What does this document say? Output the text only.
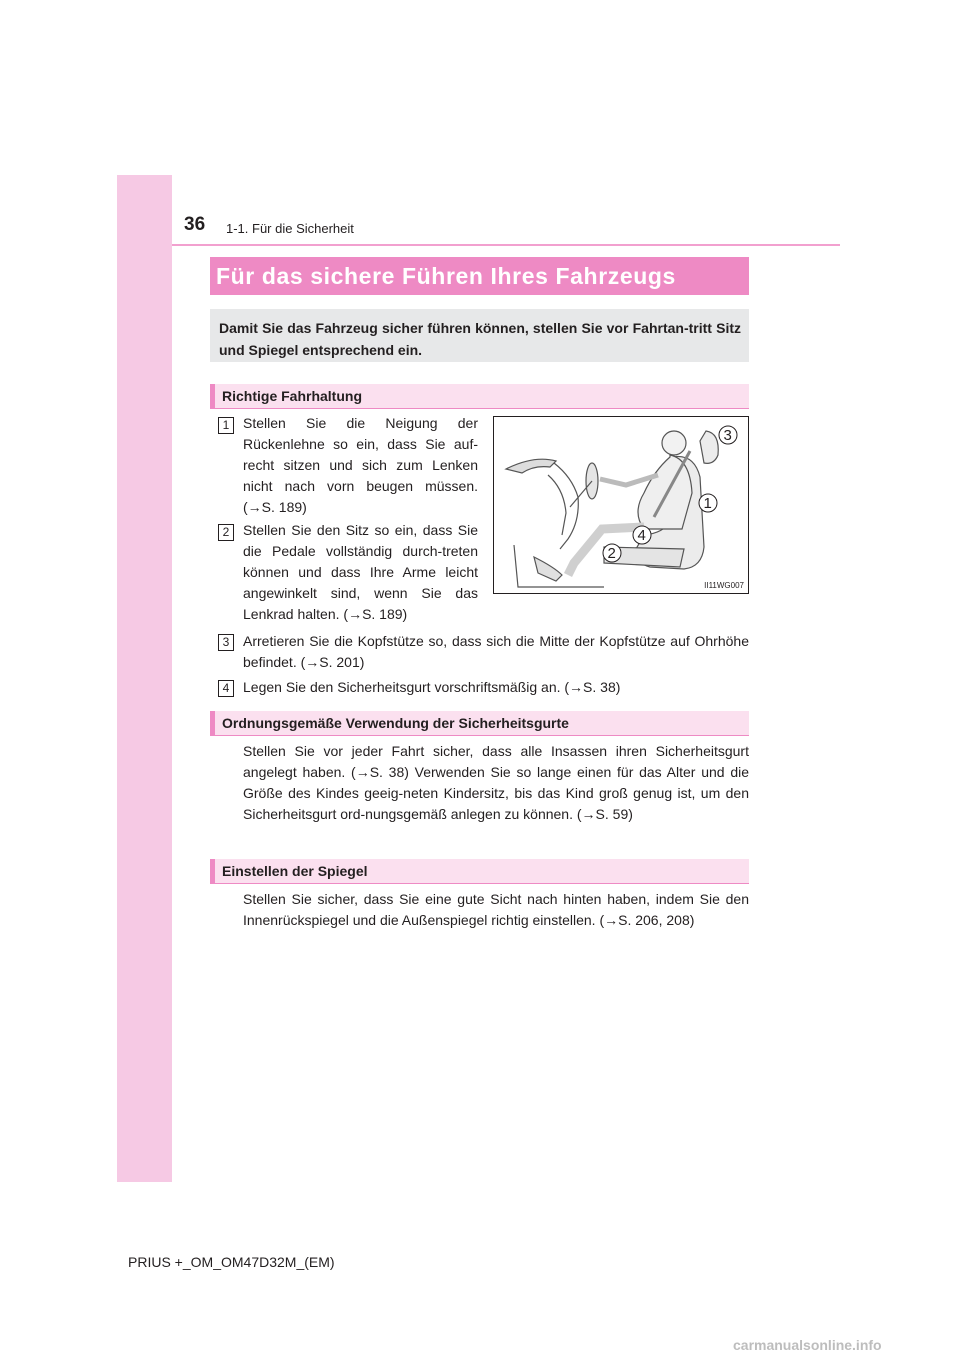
36 1-1. Für die Sicherheit
Für das sichere Führen Ihres Fahrzeugs
Damit Sie das Fahrzeug sicher führen können, stellen Sie vor Fahrtan-tritt Sitz und Spiegel entsprechend ein.
Richtige Fahrhaltung
1 Stellen Sie die Neigung der Rückenlehne so ein, dass Sie auf-recht sitzen und sich zum Lenken nicht nach vorn beugen müssen. (→S. 189)
2 Stellen Sie den Sitz so ein, dass Sie die Pedale vollständig durch-treten können und dass Ihre Arme leicht angewinkelt sind, wenn Sie das Lenkrad halten. (→S. 189)
3
1
4
2
II11WG007
3 Arretieren Sie die Kopfstütze so, dass sich die Mitte der Kopfstütze auf Ohrhöhe befindet. (→S. 201)
4 Legen Sie den Sicherheitsgurt vorschriftsmäßig an. (→S. 38)
Ordnungsgemäße Verwendung der Sicherheitsgurte
Stellen Sie vor jeder Fahrt sicher, dass alle Insassen ihren Sicherheitsgurt angelegt haben. (→S. 38) Verwenden Sie so lange einen für das Alter und die Größe des Kindes geeig-neten Kindersitz, bis das Kind groß genug ist, um den Sicherheitsgurt ord-nungsgemäß anlegen zu können. (→S. 59)
Einstellen der Spiegel
Stellen Sie sicher, dass Sie eine gute Sicht nach hinten haben, indem Sie den Innenrückspiegel und die Außenspiegel richtig einstellen. (→S. 206, 208)
PRIUS +_OM_OM47D32M_(EM)
carmanualsonline.info
